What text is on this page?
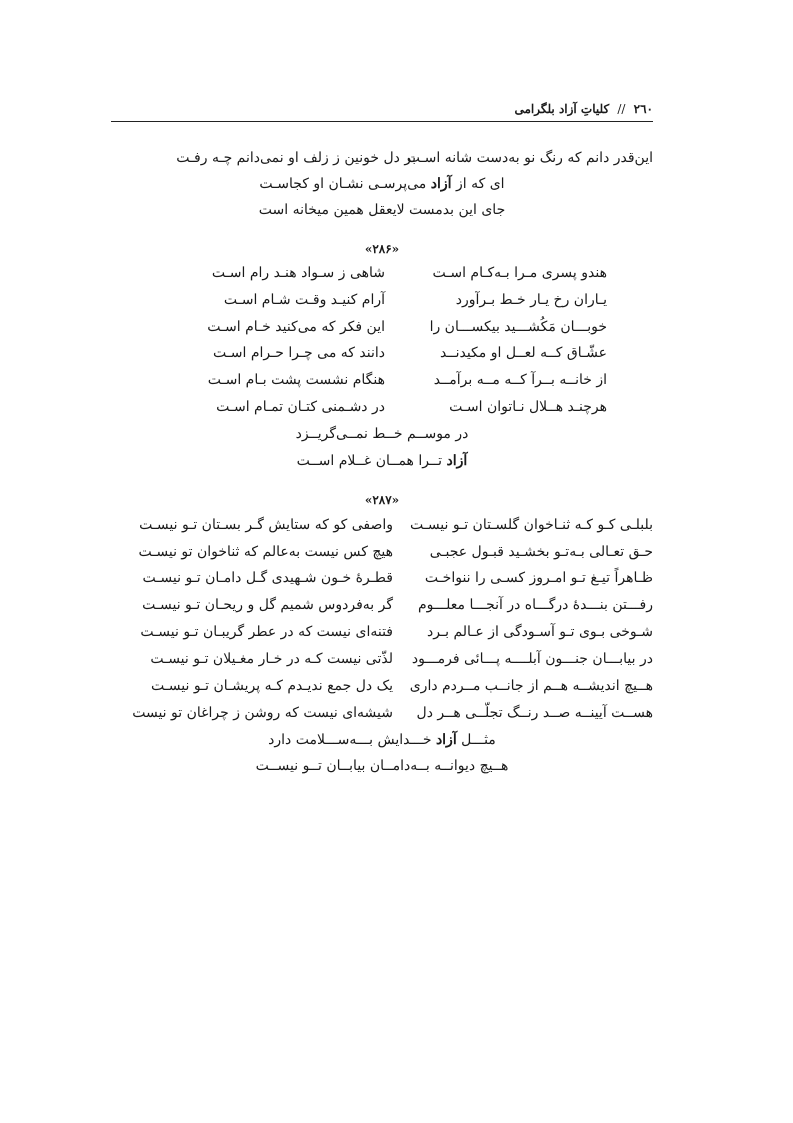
٢٦٠ // کلیاتِ آزاد بلگرامی
بر دل خونین ز زلف او نمی‌دانم چـه رفـت
این‌قدر دانم که رنگ نو به‌دست شانه اسـت
ای که از آزاد می‌پرسـی نشـان او کجاسـت
جای این بدمست لایعقل همین میخانه است
«٢٨۶»
هندو پسری مـرا بـه‌کـام اسـت
شاهی ز سـواد هنـد رام اسـت
یـاران رخ یـار خـط بـرآورد
آرام کنیـد وقـت شـام اسـت
خوبـــان مَکُشـــید بیکســـان را
این فکر که می‌کنید خـام اسـت
عشّـاق کــه لعــل او مکیدنــد
دانند که می چـرا حـرام اسـت
از خانــه بــرآ کــه مــه برآمــد
هنگام نشست پشت بـام اسـت
هرچنـد هــلال نـاتوان اسـت
در دشـمنی کتـان تمـام اسـت
در موســم خــط نمــی‌گریــزد
آزاد تــرا همــان غــلام اســت
«٢٨٧»
بلبلـی کـو کـه ثنـاخوان گلسـتان تـو نیسـت
واصفی کو که ستایش گـر بسـتان تـو نیسـت
حـق تعـالی بـه‌تـو بخشـید قبـول عجبـی
هیچ کس نیست به‌عالم که ثناخوان تو نیسـت
ظـاهراً تیـغ تـو امـروز کسـی را ننواخـت
قطـرۀ خـون شـهیدی گـل دامـان تـو نیسـت
رفـــتن بنـــدۀ درگـــاه در آنجـــا معلـــوم
گر به‌فردوس شمیم گل و ریحـان تـو نیسـت
شـوخی بـوی تـو آسـودگی از عـالم بـرد
فتنه‌ای نیست که در عطر گریبـان تـو نیسـت
در بیابـــان جنـــون آبلــــه پـــائی فرمـــود
لذّتی نیست کـه در خـار مغـیلان تـو نیسـت
هــیچ اندیشــه هــم از جانــب مــردم داری
یک دل جمع ندیـدم کـه پریشـان تـو نیسـت
هســت آیینــه صــد رنــگ تجلّــی هــر دل
شیشه‌ای نیست که روشن ز چراغان تو نیست
مثـــل آزاد خـــدایش بـــه‌ســـلامت دارد
هــیچ دیوانــه بــه‌دامــان بیابــان تــو نیســت
